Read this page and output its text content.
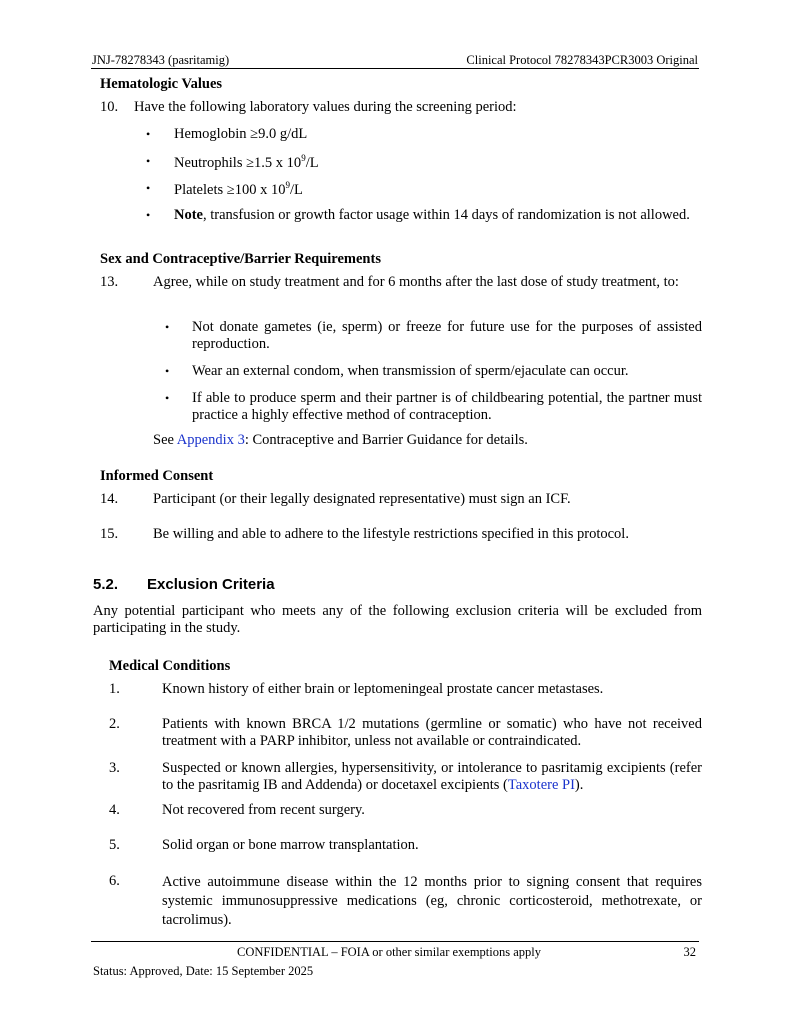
JNJ-78278343 (pasritamig)	Clinical Protocol 78278343PCR3003 Original
Hematologic Values
10. Have the following laboratory values during the screening period:
• Hemoglobin ≥9.0 g/dL
• Neutrophils ≥1.5 x $10^9/L$
• Platelets ≥100 x $10^9/L$
• Note, transfusion or growth factor usage within 14 days of randomization is not allowed.
Sex and Contraceptive/Barrier Requirements
13. Agree, while on study treatment and for 6 months after the last dose of study treatment, to:
• Not donate gametes (ie, sperm) or freeze for future use for the purposes of assisted reproduction.
• Wear an external condom, when transmission of sperm/ejaculate can occur.
• If able to produce sperm and their partner is of childbearing potential, the partner must practice a highly effective method of contraception.
See Appendix 3: Contraceptive and Barrier Guidance for details.
Informed Consent
14. Participant (or their legally designated representative) must sign an ICF.
15. Be willing and able to adhere to the lifestyle restrictions specified in this protocol.
5.2. Exclusion Criteria
Any potential participant who meets any of the following exclusion criteria will be excluded from participating in the study.
Medical Conditions
1.	Known history of either brain or leptomeningeal prostate cancer metastases.
2.	Patients with known BRCA 1/2 mutations (germline or somatic) who have not received treatment with a PARP inhibitor, unless not available or contraindicated.
3.	Suspected or known allergies, hypersensitivity, or intolerance to pasritamig excipients (refer to the pasritamig IB and Addenda) or docetaxel excipients (Taxotere PI).
4.	Not recovered from recent surgery.
5.	Solid organ or bone marrow transplantation.
6.	Active autoimmune disease within the 12 months prior to signing consent that requires systemic immunosuppressive medications (eg, chronic corticosteroid, methotrexate, or tacrolimus).
CONFIDENTIAL – FOIA or other similar exemptions apply	32
Status: Approved, Date: 15 September 2025
